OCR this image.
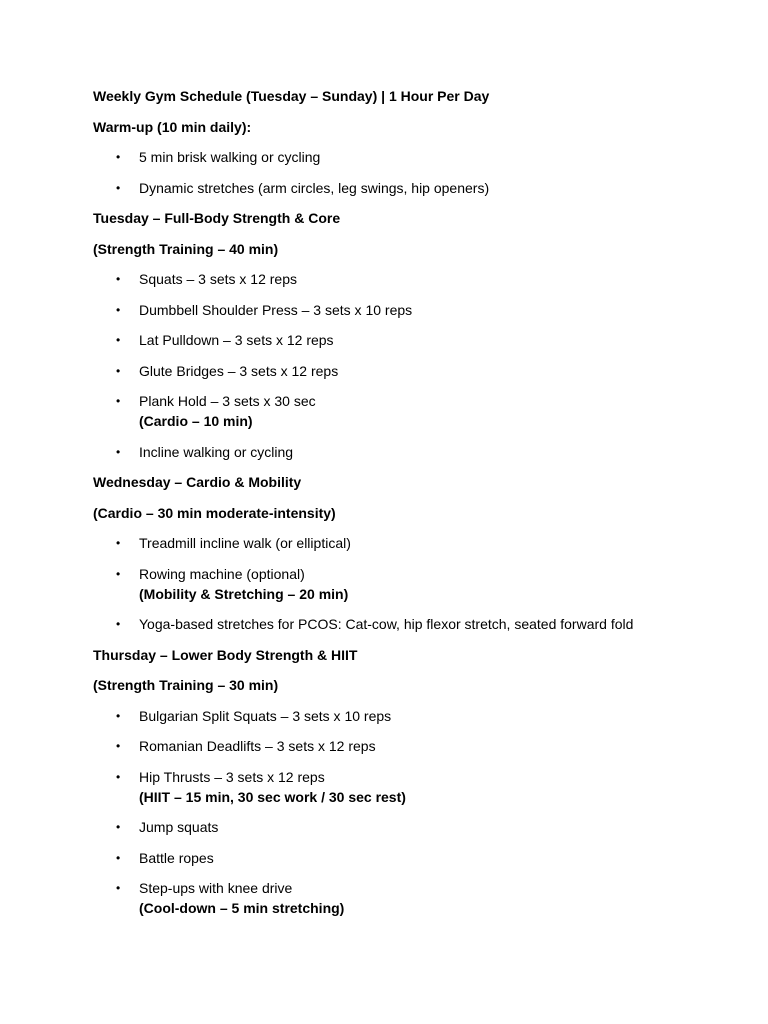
Weekly Gym Schedule (Tuesday – Sunday) | 1 Hour Per Day

Warm-up (10 min daily):

• 5 min brisk walking or cycling
• Dynamic stretches (arm circles, leg swings, hip openers)

Tuesday – Full-Body Strength & Core

(Strength Training – 40 min)

• Squats – 3 sets x 12 reps
• Dumbbell Shoulder Press – 3 sets x 10 reps
• Lat Pulldown – 3 sets x 12 reps
• Glute Bridges – 3 sets x 12 reps
• Plank Hold – 3 sets x 30 sec
(Cardio – 10 min)
• Incline walking or cycling

Wednesday – Cardio & Mobility

(Cardio – 30 min moderate-intensity)

• Treadmill incline walk (or elliptical)
• Rowing machine (optional)
(Mobility & Stretching – 20 min)
• Yoga-based stretches for PCOS: Cat-cow, hip flexor stretch, seated forward fold

Thursday – Lower Body Strength & HIIT

(Strength Training – 30 min)

• Bulgarian Split Squats – 3 sets x 10 reps
• Romanian Deadlifts – 3 sets x 12 reps
• Hip Thrusts – 3 sets x 12 reps
(HIIT – 15 min, 30 sec work / 30 sec rest)
• Jump squats
• Battle ropes
• Step-ups with knee drive
(Cool-down – 5 min stretching)
